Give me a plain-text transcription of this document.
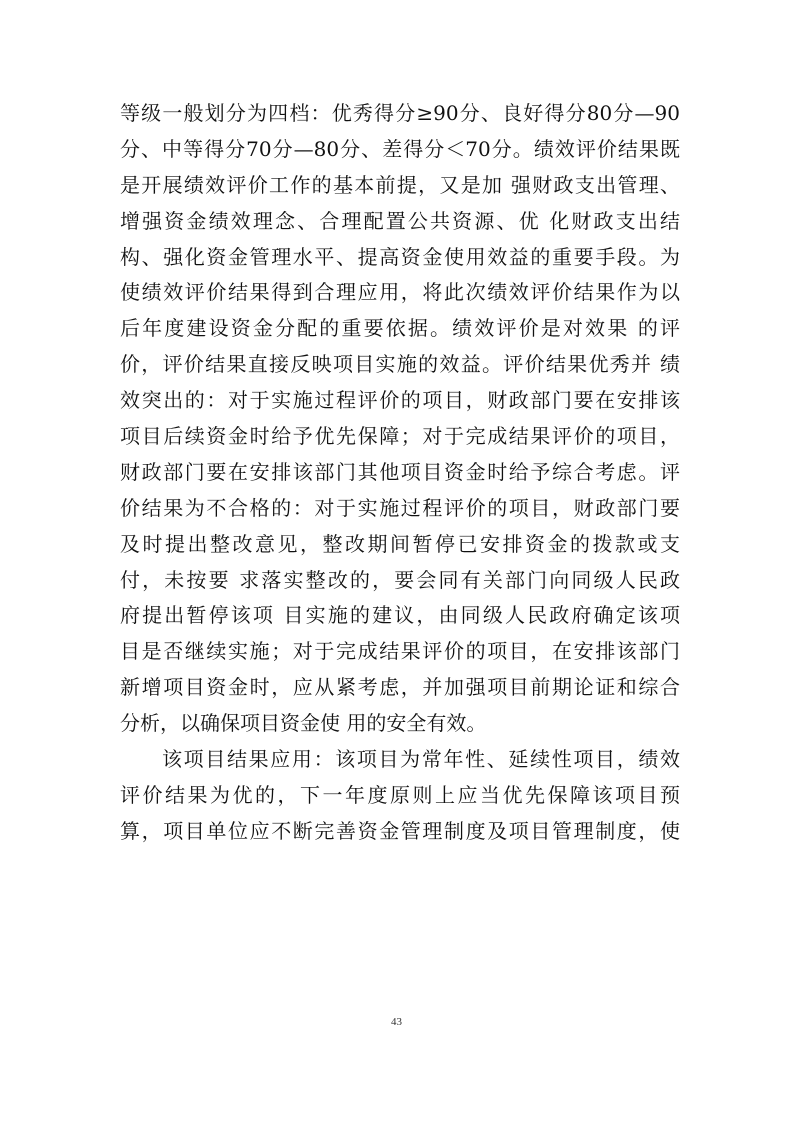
等级一般划分为四档：优秀得分≥90分、良好得分80分—90
分、中等得分70分—80分、差得分＜70分。绩效评价结果既
是开展绩效评价工作的基本前提，又是加 强财政支出管理、
增强资金绩效理念、合理配置公共资源、优 化财政支出结
构、强化资金管理水平、提高资金使用效益的重要手段。为
使绩效评价结果得到合理应用，将此次绩效评价结果作为以
后年度建设资金分配的重要依据。绩效评价是对效果 的评
价，评价结果直接反映项目实施的效益。评价结果优秀并 绩
效突出的：对于实施过程评价的项目，财政部门要在安排该
项目后续资金时给予优先保障；对于完成结果评价的项目，
财政部门要在安排该部门其他项目资金时给予综合考虑。评
价结果为不合格的：对于实施过程评价的项目，财政部门要
及时提出整改意见，整改期间暂停已安排资金的拨款或支
付，未按要 求落实整改的，要会同有关部门向同级人民政
府提出暂停该项 目实施的建议，由同级人民政府确定该项
目是否继续实施；对于完成结果评价的项目，在安排该部门
新增项目资金时，应从紧考虑，并加强项目前期论证和综合
分析，以确保项目资金使 用的安全有效。
该项目结果应用：该项目为常年性、延续性项目，绩效
评价结果为优的，下一年度原则上应当优先保障该项目预
算，项目单位应不断完善资金管理制度及项目管理制度，使
43
